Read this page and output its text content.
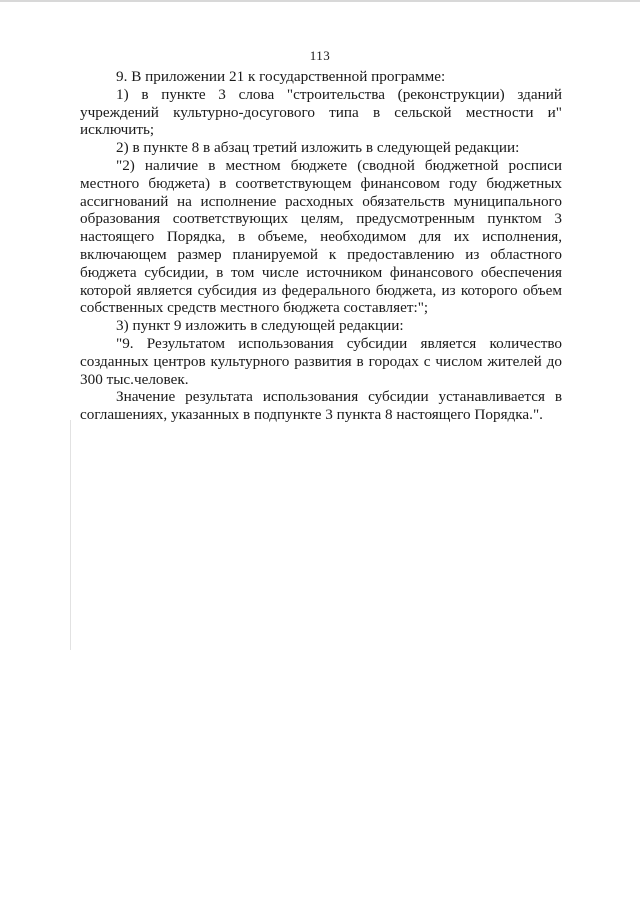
113

9. В приложении 21 к государственной программе:

1) в пункте 3 слова "строительства (реконструкции) зданий учреждений культурно-досугового типа в сельской местности и" исключить;

2) в пункте 8 в абзац третий изложить в следующей редакции:

"2) наличие в местном бюджете (сводной бюджетной росписи местного бюджета) в соответствующем финансовом году бюджетных ассигнований на исполнение расходных обязательств муниципального образования соответствующих целям, предусмотренным пунктом 3 настоящего Порядка, в объеме, необходимом для их исполнения, включающем размер планируемой к предоставлению из областного бюджета субсидии, в том числе источником финансового обеспечения которой является субсидия из федерального бюджета, из которого объем собственных средств местного бюджета составляет:";

3) пункт 9 изложить в следующей редакции:

"9. Результатом использования субсидии является количество созданных центров культурного развития в городах с числом жителей до 300 тыс.человек.

Значение результата использования субсидии устанавливается в соглашениях, указанных в подпункте 3 пункта 8 настоящего Порядка.".
